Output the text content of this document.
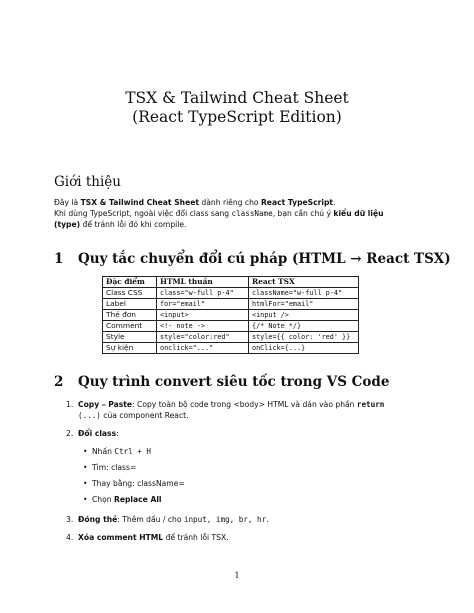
TSX & Tailwind Cheat Sheet
(React TypeScript Edition)
Giới thiệu
Đây là TSX & Tailwind Cheat Sheet dành riêng cho React TypeScript.
Khi dùng TypeScript, ngoài việc đổi class sang className, bạn cần chú ý kiểu dữ liệu
(type) để tránh lỗi đỏ khi compile.
1 Quy tắc chuyển đổi cú pháp (HTML → React TSX)
Đặc điểm	HTML thuần	React TSX
Class CSS	class="w-full p-4"	className="w-full p-4"
Label	for="email"	htmlFor="email"
Thẻ đơn	<input>	<input />
Comment	<!- note ->	{/* Note */}
Style	style="color:red"	style={{ color: 'red' }}
Sự kiện	onclick="..."	onClick={...}
2 Quy trình convert siêu tốc trong VS Code
1. Copy – Paste: Copy toàn bộ code trong <body> HTML và dán vào phần return
(...) của component React.
2. Đổi class:
• Nhấn Ctrl + H
• Tìm: class=
• Thay bằng: className=
• Chọn Replace All
3. Đóng thẻ: Thêm dấu / cho input, img, br, hr.
4. Xóa comment HTML để tránh lỗi TSX.
1
